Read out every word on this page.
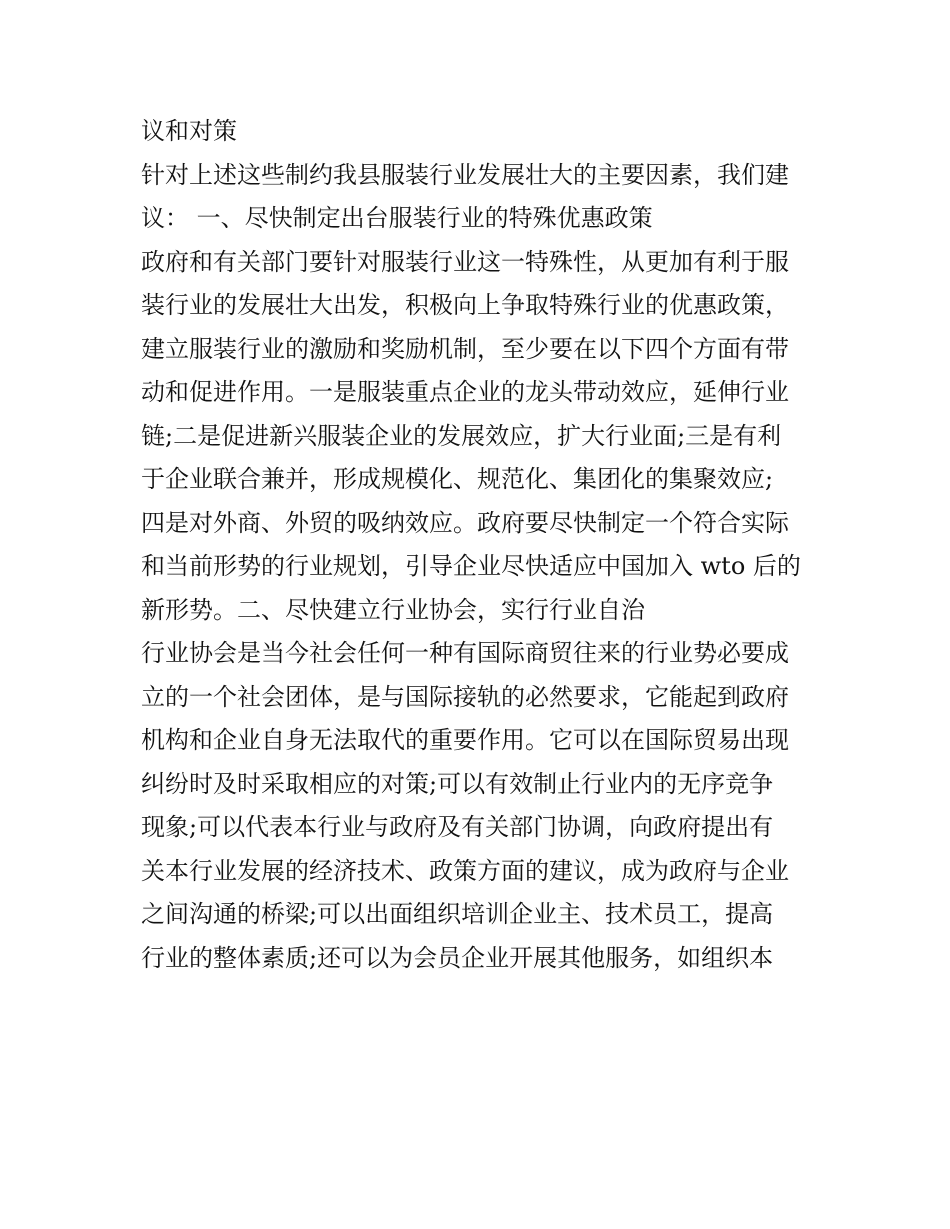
议和对策
针对上述这些制约我县服装行业发展壮大的主要因素，我们建
议： 一、尽快制定出台服装行业的特殊优惠政策
政府和有关部门要针对服装行业这一特殊性，从更加有利于服
装行业的发展壮大出发，积极向上争取特殊行业的优惠政策，
建立服装行业的激励和奖励机制，至少要在以下四个方面有带
动和促进作用。一是服装重点企业的龙头带动效应，延伸行业
链;二是促进新兴服装企业的发展效应，扩大行业面;三是有利
于企业联合兼并，形成规模化、规范化、集团化的集聚效应;
四是对外商、外贸的吸纳效应。政府要尽快制定一个符合实际
和当前形势的行业规划，引导企业尽快适应中国加入 wto 后的
新形势。二、尽快建立行业协会，实行行业自治
行业协会是当今社会任何一种有国际商贸往来的行业势必要成
立的一个社会团体，是与国际接轨的必然要求，它能起到政府
机构和企业自身无法取代的重要作用。它可以在国际贸易出现
纠纷时及时采取相应的对策;可以有效制止行业内的无序竞争
现象;可以代表本行业与政府及有关部门协调，向政府提出有
关本行业发展的经济技术、政策方面的建议，成为政府与企业
之间沟通的桥梁;可以出面组织培训企业主、技术员工，提高
行业的整体素质;还可以为会员企业开展其他服务，如组织本
